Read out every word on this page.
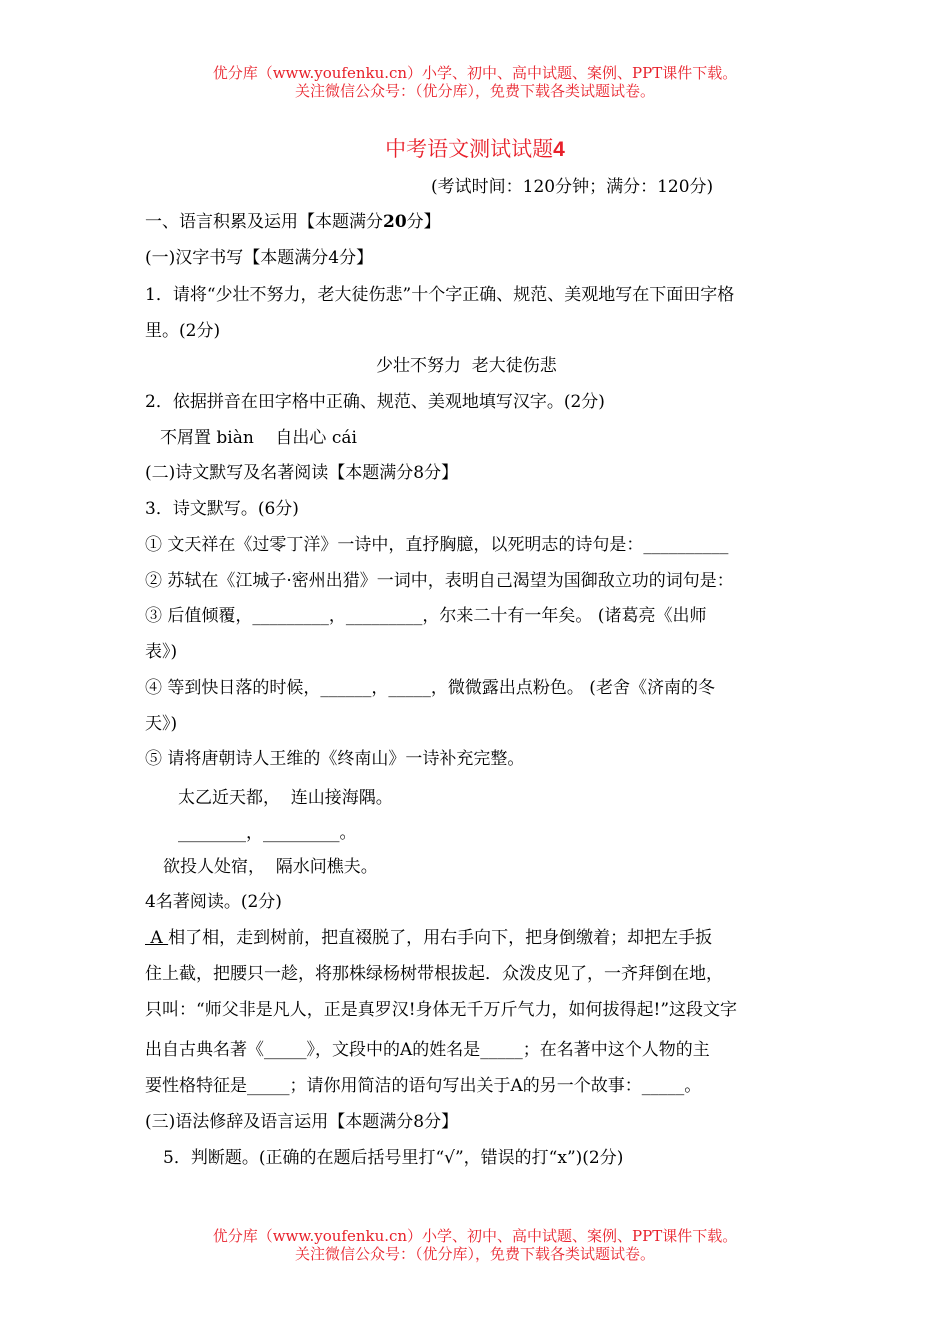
优分库（www.youfenku.cn）小学、初中、高中试题、案例、PPT课件下载。
关注微信公众号：（优分库），免费下载各类试题试卷。
中考语文测试试题4
(考试时间：120分钟；满分：120分)
一、语言积累及运用【本题满分20分】
(一)汉字书写【本题满分4分】
1．请将“少壮不努力，老大徒伤悲”十个字正确、规范、美观地写在下面田字格
里。(2分)
少壮不努力  老大徒伤悲
2．依据拼音在田字格中正确、规范、美观地填写汉字。(2分)
不屑置 biàn    自出心 cái
(二)诗文默写及名著阅读【本题满分8分】
3．诗文默写。(6分)
① 文天祥在《过零丁洋》一诗中，直抒胸臆，以死明志的诗句是：__________
② 苏轼在《江城子·密州出猎》一词中，表明自己渴望为国御敌立功的词句是：
③ 后值倾覆，_________，_________，尔来二十有一年矣。 (诸葛亮《出师
表》)
④ 等到快日落的时候，______，_____，微微露出点粉色。 (老舍《济南的冬
天》)
⑤ 请将唐朝诗人王维的《终南山》一诗补充完整。
太乙近天都，  连山接海隅。
________，_________。
欲投人处宿，  隔水问樵夫。
4名著阅读。(2分)
A 相了相，走到树前，把直裰脱了，用右手向下，把身倒缴着；却把左手扳
住上截，把腰只一趁，将那株绿杨树带根拔起．众泼皮见了，一齐拜倒在地，
只叫：“师父非是凡人，正是真罗汉!身体无千万斤气力，如何拔得起!”这段文字
出自古典名著《_____》，文段中的A的姓名是_____；在名著中这个人物的主
要性格特征是_____；请你用简洁的语句写出关于A的另一个故事：_____。
(三)语法修辞及语言运用【本题满分8分】
5．判断题。(正确的在题后括号里打“√”，错误的打“x”)(2分)
优分库（www.youfenku.cn）小学、初中、高中试题、案例、PPT课件下载。
关注微信公众号：（优分库），免费下载各类试题试卷。
